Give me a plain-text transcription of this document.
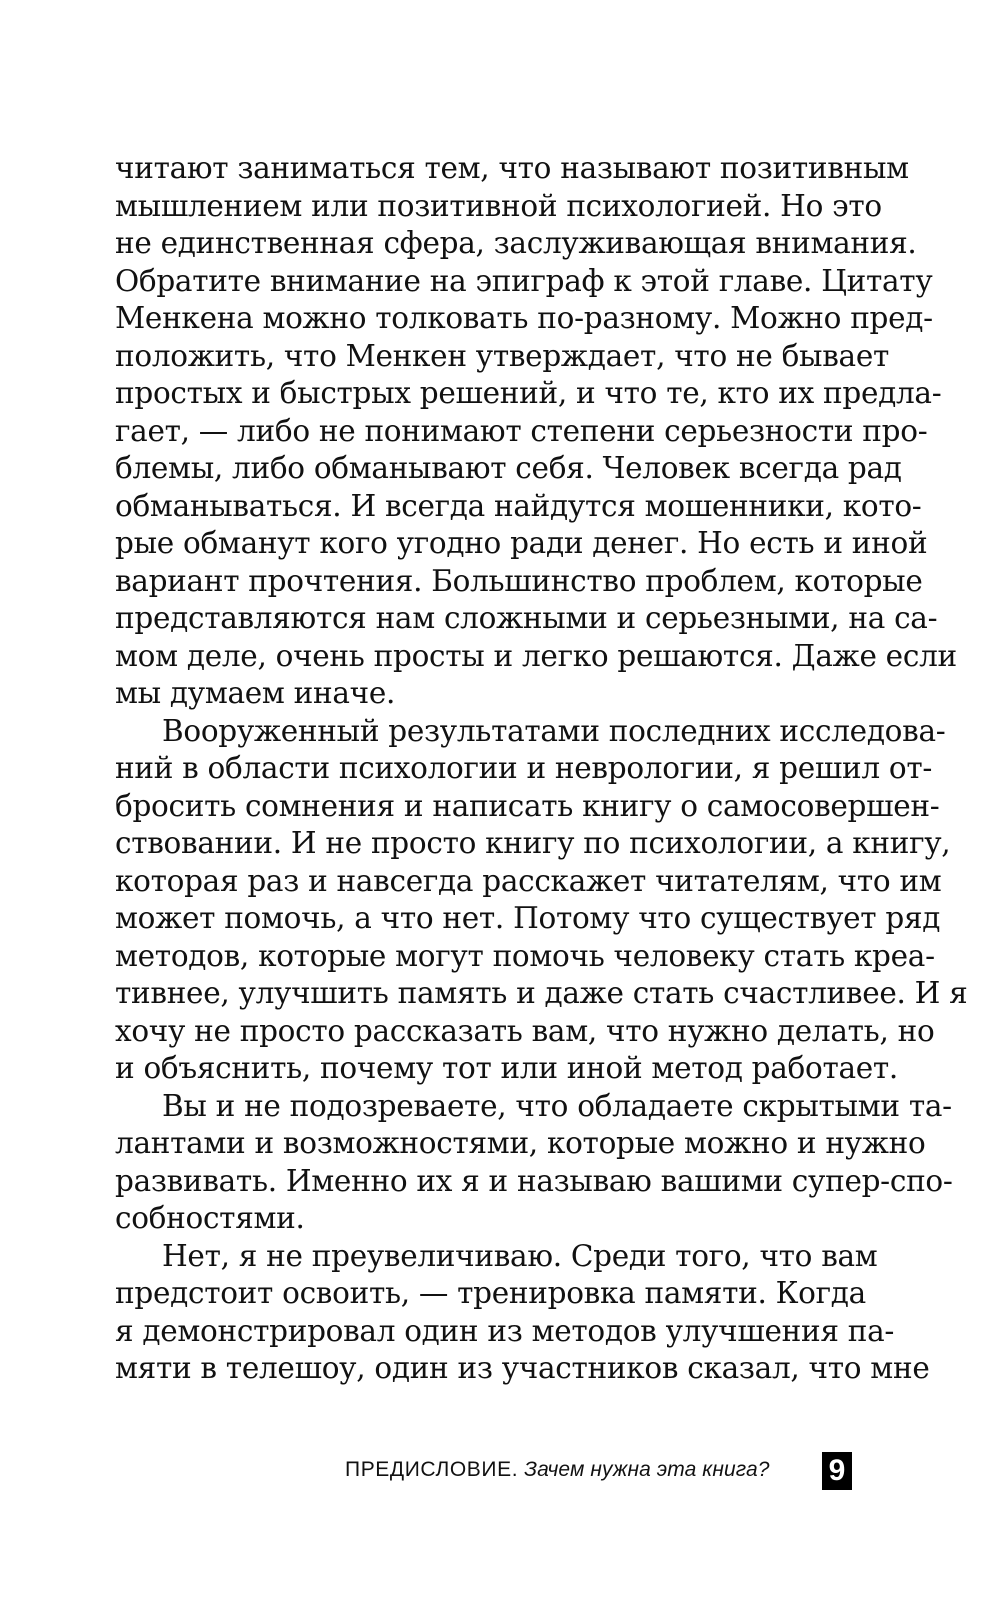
читают заниматься тем, что называют позитивным
мышлением или позитивной психологией. Но это
не единственная сфера, заслуживающая внимания.
Обратите внимание на эпиграф к этой главе. Цитату
Менкена можно толковать по-разному. Можно пред-
положить, что Менкен утверждает, что не бывает
простых и быстрых решений, и что те, кто их предла-
гает, — либо не понимают степени серьезности про-
блемы, либо обманывают себя. Человек всегда рад
обманываться. И всегда найдутся мошенники, кото-
рые обманут кого угодно ради денег. Но есть и иной
вариант прочтения. Большинство проблем, которые
представляются нам сложными и серьезными, на са-
мом деле, очень просты и легко решаются. Даже если
мы думаем иначе.
Вооруженный результатами последних исследова-
ний в области психологии и неврологии, я решил от-
бросить сомнения и написать книгу о самосовершен-
ствовании. И не просто книгу по психологии, а книгу,
которая раз и навсегда расскажет читателям, что им
может помочь, а что нет. Потому что существует ряд
методов, которые могут помочь человеку стать креа-
тивнее, улучшить память и даже стать счастливее. И я
хочу не просто рассказать вам, что нужно делать, но
и объяснить, почему тот или иной метод работает.
Вы и не подозреваете, что обладаете скрытыми та-
лантами и возможностями, которые можно и нужно
развивать. Именно их я и называю вашими супер-спо-
собностями.
Нет, я не преувеличиваю. Среди того, что вам
предстоит освоить, — тренировка памяти. Когда
я демонстрировал один из методов улучшения па-
мяти в телешоу, один из участников сказал, что мне
ПРЕДИСЛОВИЕ. Зачем нужна эта книга? 9
